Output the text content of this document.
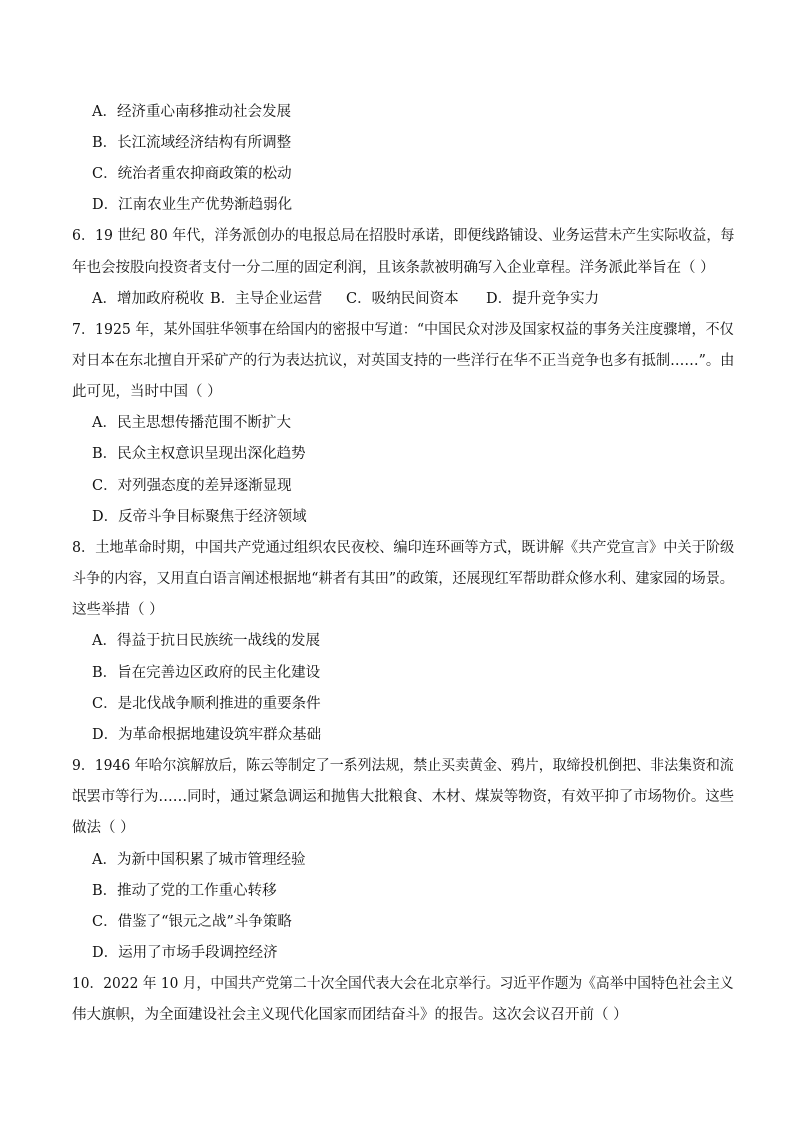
A．经济重心南移推动社会发展
B．长江流域经济结构有所调整
C．统治者重农抑商政策的松动
D．江南农业生产优势渐趋弱化
6．19 世纪 80 年代，洋务派创办的电报总局在招股时承诺，即便线路铺设、业务运营未产生实际收益，每
年也会按股向投资者支付一分二厘的固定利润，且该条款被明确写入企业章程。洋务派此举旨在（ ）
A．增加政府税收 B．主导企业运营 C．吸纳民间资本 D．提升竞争实力
7．1925 年，某外国驻华领事在给国内的密报中写道：“中国民众对涉及国家权益的事务关注度骤增，不仅
对日本在东北擅自开采矿产的行为表达抗议，对英国支持的一些洋行在华不正当竞争也多有抵制……”。由
此可见，当时中国（ ）
A．民主思想传播范围不断扩大
B．民众主权意识呈现出深化趋势
C．对列强态度的差异逐渐显现
D．反帝斗争目标聚焦于经济领域
8．土地革命时期，中国共产党通过组织农民夜校、编印连环画等方式，既讲解《共产党宣言》中关于阶级
斗争的内容，又用直白语言阐述根据地“耕者有其田”的政策，还展现红军帮助群众修水利、建家园的场景。
这些举措（ ）
A．得益于抗日民族统一战线的发展
B．旨在完善边区政府的民主化建设
C．是北伐战争顺利推进的重要条件
D．为革命根据地建设筑牢群众基础
9．1946 年哈尔滨解放后，陈云等制定了一系列法规，禁止买卖黄金、鸦片，取缔投机倒把、非法集资和流
氓罢市等行为……同时，通过紧急调运和抛售大批粮食、木材、煤炭等物资，有效平抑了市场物价。这些
做法（ ）
A．为新中国积累了城市管理经验
B．推动了党的工作重心转移
C．借鉴了“银元之战”斗争策略
D．运用了市场手段调控经济
10．2022 年 10 月，中国共产党第二十次全国代表大会在北京举行。习近平作题为《高举中国特色社会主义
伟大旗帜，为全面建设社会主义现代化国家而团结奋斗》的报告。这次会议召开前（ ）
